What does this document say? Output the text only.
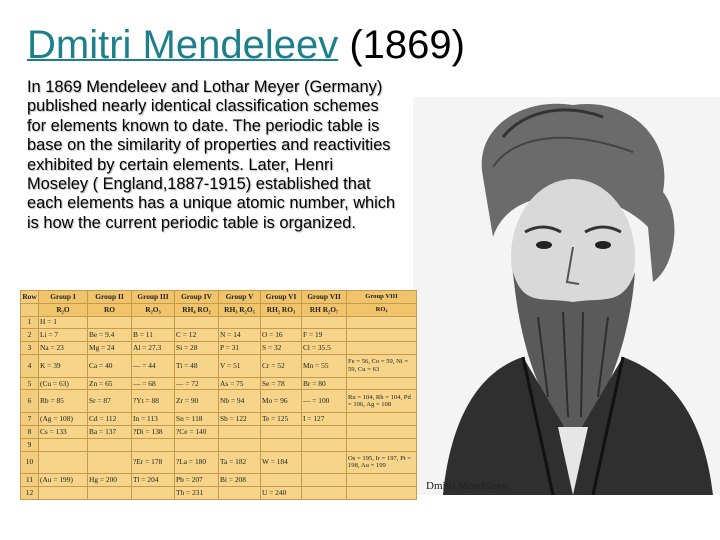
Dmitri Mendeleev (1869)
In 1869 Mendeleev and Lothar Meyer (Germany)
published nearly identical classification schemes
for elements known to date. The periodic table is
base on the similarity of properties and reactivities
exhibited by certain elements. Later, Henri
Moseley ( England,1887-1915) established that
each elements has a unique atomic number, which
is how the current periodic table is organized.
Dmitri Mendeleev.
Row	Group I	Group II	Group III	Group IV	Group V	Group VI	Group VII	Group VIII
	R₂O	RO	R₂O₃	RH₄ RO₂	RH₃ R₂O₅	RH₂ RO₃	RH R₂O₇	RO₄
1	H = 1							
2	Li = 7	Be = 9.4	B = 11	C = 12	N = 14	O = 16	F = 19	
3	Na = 23	Mg = 24	Al = 27.3	Si = 28	P = 31	S = 32	Cl = 35.5	
4	K = 39	Ca = 40	— = 44	Ti = 48	V = 51	Cr = 52	Mn = 55	Fe = 56, Co = 59, Ni = 59, Cu = 63
5	(Cu = 63)	Zn = 65	— = 68	— = 72	As = 75	Se = 78	Br = 80	
6	Rb = 85	Sr = 87	?Yt = 88	Zr = 90	Nb = 94	Mo = 96	— = 100	Ru = 104, Rh = 104, Pd = 106, Ag = 108
7	(Ag = 108)	Cd = 112	In = 113	Sn = 118	Sb = 122	Te = 125	I = 127	
8	Cs = 133	Ba = 137	?Di = 138	?Ce = 140				
9								
10			?Er = 178	?La = 180	Ta = 182	W = 184		Os = 195, Ir = 197, Pt = 198, Au = 199
11	(Au = 199)	Hg = 200	Tl = 204	Pb = 207	Bi = 208			
12				Th = 231		U = 240		
